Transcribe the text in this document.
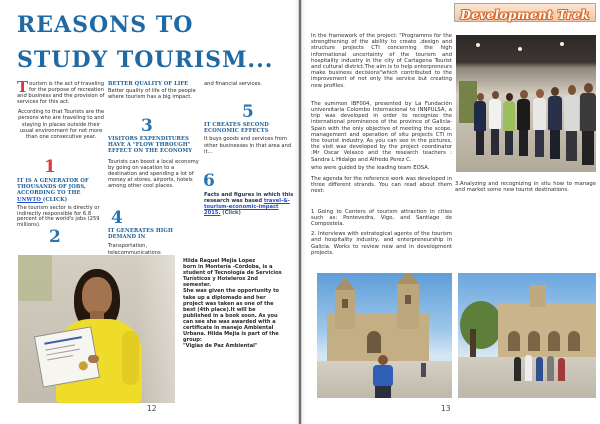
REASONS TO
STUDY TOURISM...
T ourism is the act of traveling for the purpose of recreation and business and the provision of services for this act.
According to that Tourists are the persons who are traveling to and staying in places outside their usual environment for not more than one consecutive year.
1
IT IS A GENERATOR OF THOUSANDS OF JOBS, ACCORDING TO THE UNWTO (CLICK)
The tourism sector is directly or indirectly responsible for 6.8 percent of the world's jobs (259 millions).
2
BETTER QUALITY OF LIFE
Better quality of life of the people where tourism has a big impact.
3
VISITORS EXPENDITURES HAVE A "FLOW THROUGH" EFFECT ON THE ECONOMY
Tourists can boost a local economy by going on vacation to a destination and spending a lot of money at stores, airports, hotels among other cool places.
4
IT GENERATES HIGH DEMAND IN
Transportation, telecommunications
and financial services.
5
IT CREATES SECOND ECONOMIC EFFECTS
It buys goods and services from other businesses in that area and it…
6
Facts and figures in which this research was based travel-&-tourism-economic-impact 2015. (Click)
Hilda Raquel Mejía Lopez
born in Montería -Córdoba, is a
student of Tecnología de Servicios
Turísticos y Hoteleros 2nd
semester.
She was given the opportunity to
take up a diplomado and her
project was taken as one of the
best (4th place).It will be
published in a book soon. As you
can see she was awarded with a
certificate in manejo Ambiental
Urbana. Hilda Mejia is part of the
group:
"Vigias de Paz Ambiental"
12
Development Trek

In the framework of the project: "Programms for the strengthening of the ability to create ,design and structure projects CTI concerning the high informational uncertainty of the tourism and hospitality industry in the city of Cartagena Tourist and cultural district.The aim is to help enterpreneurs make business decisions"which contributed to the improvement of not only the service but creating new profiles.

The summon IBF004, presented by La Fundación universitaria Colombo Internacional to INNPULSA, a trip was developed in order to recognize the international prominence of the province of Galicia-Spain with the only objective of meeting the scope, management and operation of situ projects CTI in the tourist industry. As you can see in the pictures, the visit was developed by the project coordinator :Mr Oscar Velasco and the research teachers : Sandra L Hidalgo and Alfredo Perez C.

who were guided by the leading team EOSA.

The agenda for the reference work was developed in three different strands. You can read about them next:

1 Going to Centers of tourism attraction in cities such as: Pontevedra, Vigo, and Santiago de Compostela.

2. Interviews with estrategical agents of the tourism and hospitality industry, and enterpreneurship in Galicia. Works to review new and in development projects.

3.Analyzing and recognizing in situ how to manage and market some new tourist destinations.
13
